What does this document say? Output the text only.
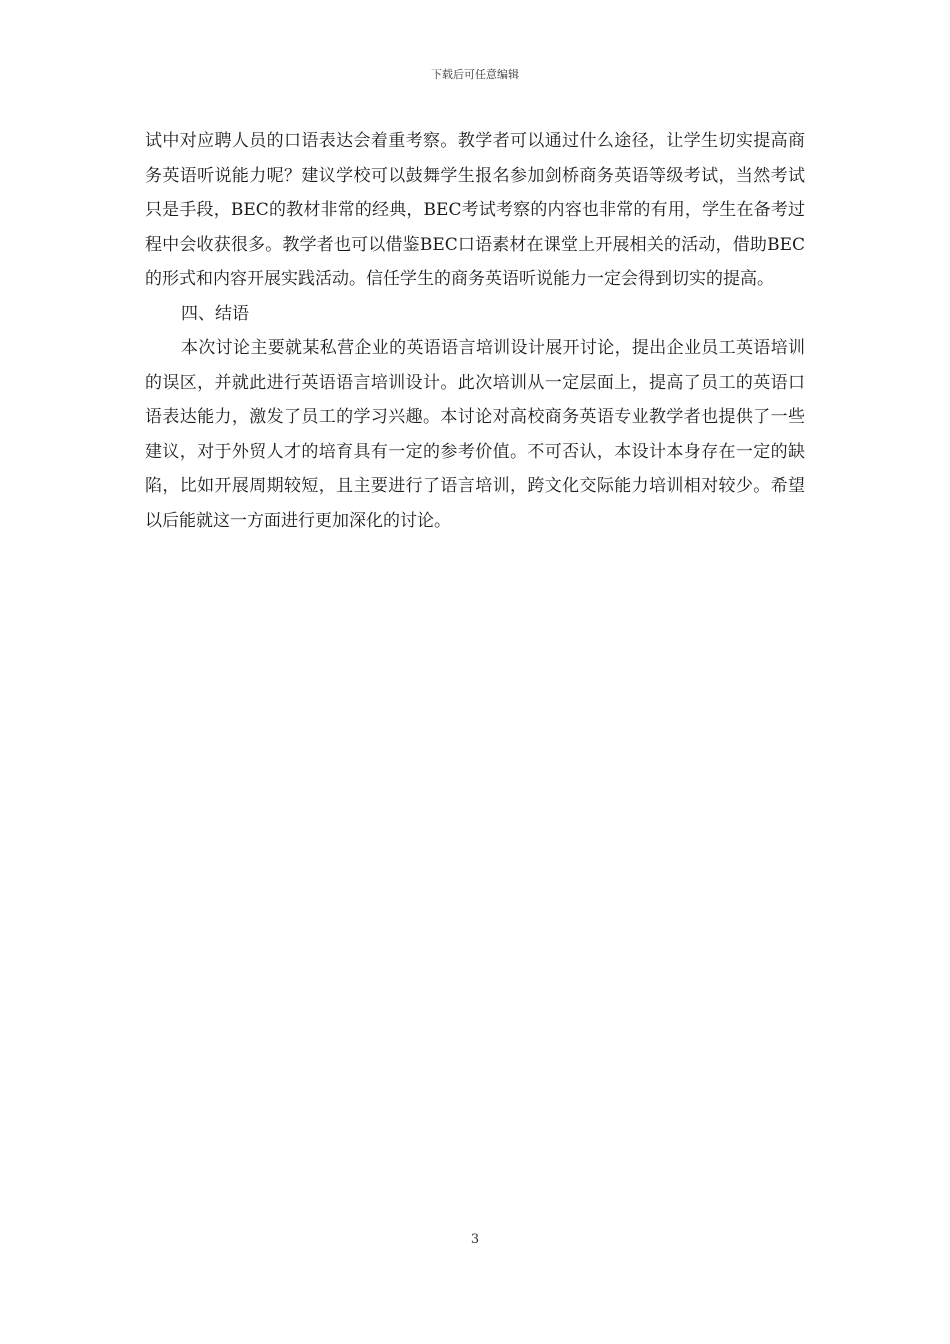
下载后可任意编辑

试中对应聘人员的口语表达会着重考察。教学者可以通过什么途径，让学生切实提高商务英语听说能力呢？建议学校可以鼓舞学生报名参加剑桥商务英语等级考试，当然考试只是手段，BEC的教材非常的经典，BEC考试考察的内容也非常的有用，学生在备考过程中会收获很多。教学者也可以借鉴BEC口语素材在课堂上开展相关的活动，借助BEC的形式和内容开展实践活动。信任学生的商务英语听说能力一定会得到切实的提高。

四、结语

本次讨论主要就某私营企业的英语语言培训设计展开讨论，提出企业员工英语培训的误区，并就此进行英语语言培训设计。此次培训从一定层面上，提高了员工的英语口语表达能力，激发了员工的学习兴趣。本讨论对高校商务英语专业教学者也提供了一些建议，对于外贸人才的培育具有一定的参考价值。不可否认，本设计本身存在一定的缺陷，比如开展周期较短，且主要进行了语言培训，跨文化交际能力培训相对较少。希望以后能就这一方面进行更加深化的讨论。

3
